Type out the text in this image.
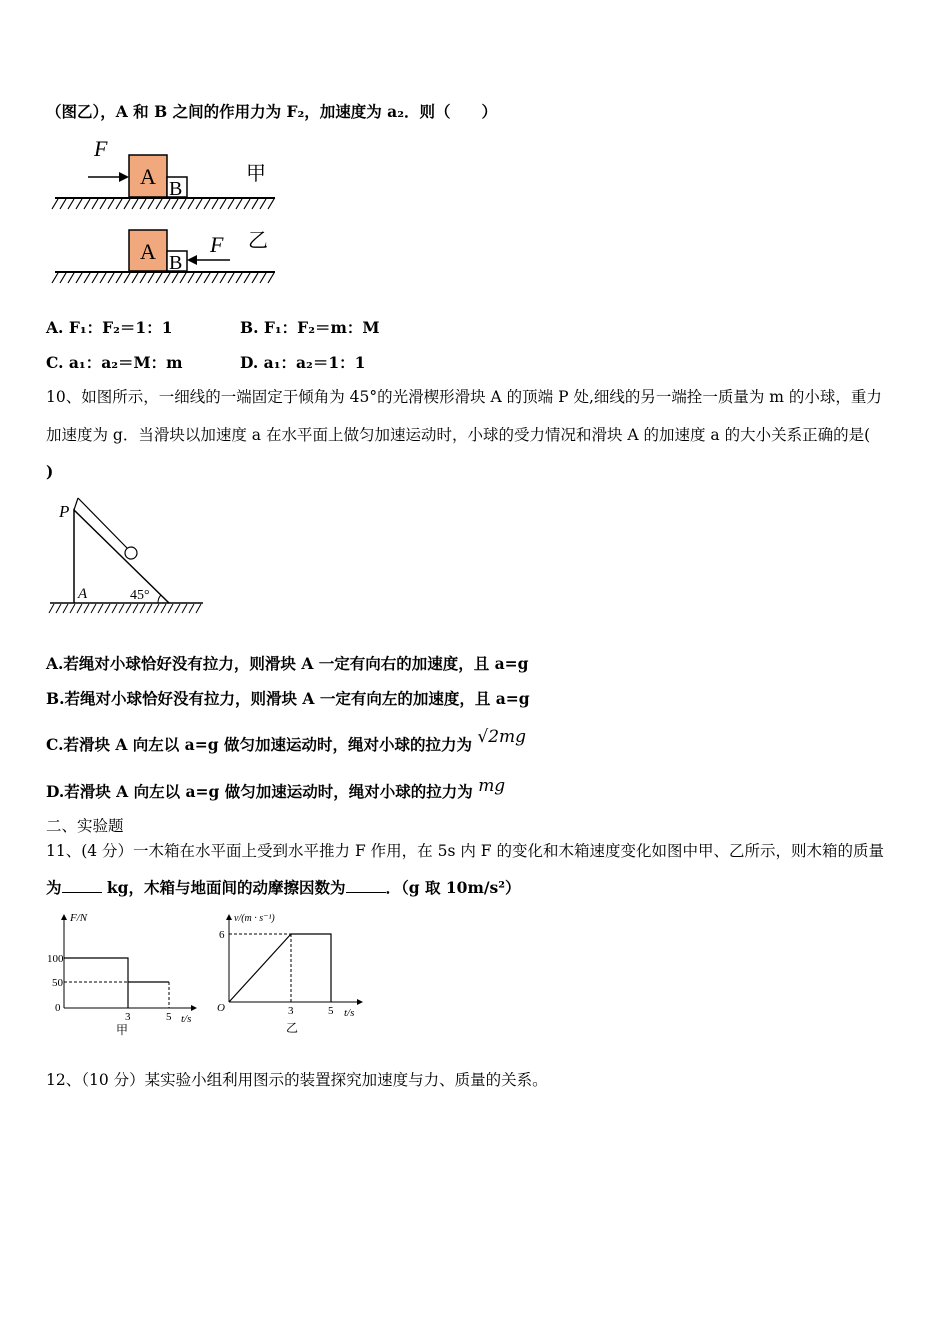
（图乙），A 和 B 之间的作用力为 F₂，加速度为 a₂．则（　　）
A B
F
甲
A B
F 乙
A. F₁：F₂＝1：1	B. F₁：F₂＝m：M
C. a₁：a₂＝M：m	D. a₁：a₂＝1：1
10、如图所示，一细线的一端固定于倾角为 45°的光滑楔形滑块 A 的顶端 P 处,细线的另一端拴一质量为 m 的小球，重力
加速度为 g．当滑块以加速度 a 在水平面上做匀加速运动时，小球的受力情况和滑块 A 的加速度 a 的大小关系正确的是(
)
P
A	45°
A.若绳对小球恰好没有拉力，则滑块 A 一定有向右的加速度，且 a=g
B.若绳对小球恰好没有拉力，则滑块 A 一定有向左的加速度，且 a=g
C.若滑块 A 向左以 a=g 做匀加速运动时，绳对小球的拉力为 √2mg
D.若滑块 A 向左以 a=g 做匀加速运动时，绳对小球的拉力为 mg
二、实验题
11、(4 分）一木箱在水平面上受到水平推力 F 作用，在 5s 内 F 的变化和木箱速度变化如图中甲、乙所示，则木箱的质量
为	kg，木箱与地面间的动摩擦因数为	．（g 取 10m/s²）
F/N
100
50
0
3	5 t/s
甲
v/(m · s⁻¹)
6
O	3	5 t/s
乙
12、（10 分）某实验小组利用图示的装置探究加速度与力、质量的关系。
